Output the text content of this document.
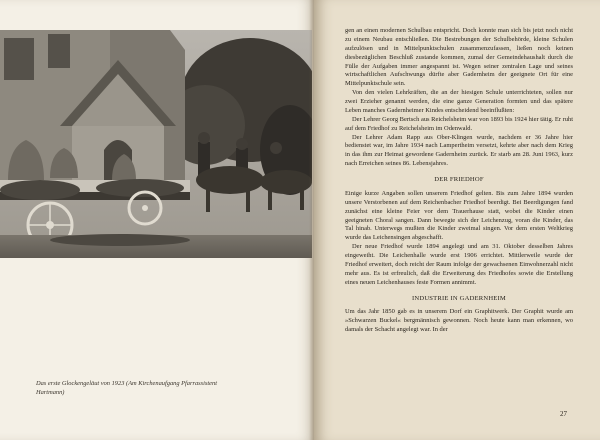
Das erste Glockengeläut von 1923 (Am Kirchenaufgang Pfarrassistent
Hartmann)

gen an einen modernen Schulbau entspricht. Doch konnte man sich bis jetzt noch nicht zu einem Neubau entschließen. Die Bestrebungen der Schulbehörde, kleine Schulen aufzulösen und in Mittelpunktschulen zusammenzufassen, ließen noch keinen diesbezüglichen Beschluß zustande kommen, zumal der Gemeindehaushalt durch die Fülle der Aufgaben immer angespannt ist. Wegen seiner zentralen Lage und seines wirtschaftlichen Aufschwungs dürfte aber Gadernheim der geeignete Ort für eine Mittelpunktschule sein.

Von den vielen Lehrkräften, die an der hiesigen Schule unterrichteten, sollen nur zwei Erzieher genannt werden, die eine ganze Generation formten und das spätere Leben manches Gadernheimer Kindes entscheidend beeinflußten:

Der Lehrer Georg Bertsch aus Reichelsheim war von 1893 bis 1924 hier tätig. Er ruht auf dem Friedhof zu Reichelsheim im Odenwald.

Der Lehrer Adam Rapp aus Ober-Klingen wurde, nachdem er 36 Jahre hier bedienstet war, im Jahre 1934 nach Lampertheim versetzt, kehrte aber nach dem Krieg in das ihm zur Heimat gewordene Gadernheim zurück. Er starb am 28. Juni 1963, kurz nach Erreichen seines 86. Lebensjahres.

DER FRIEDHOF

Einige kurze Angaben sollen unserem Friedhof gelten. Bis zum Jahre 1894 wurden unsere Verstorbenen auf dem Reichenbacher Friedhof beerdigt. Bei Beerdigungen fand zunächst eine kleine Feier vor dem Trauerhause statt, wobei die Kinder einen geeigneten Choral sangen. Dann bewegte sich der Leichenzug, voran die Kinder, das Tal hinab. Unterwegs mußten die Kinder zweimal singen. Vor dem ersten Weltkrieg wurde das Leichensingen abgeschafft.

Der neue Friedhof wurde 1894 angelegt und am 31. Oktober desselben Jahres eingeweiht. Die Leichenhalle wurde erst 1906 errichtet. Mittlerweile wurde der Friedhof erweitert, doch reicht der Raum infolge der gewachsenen Einwohnerzahl nicht mehr aus. Es ist erfreulich, daß die Erweiterung des Friedhofes sowie die Erstellung eines neuen Leichenhauses feste Formen annimmt.

INDUSTRIE IN GADERNHEIM

Um das Jahr 1850 gab es in unserem Dorf ein Graphitwerk. Der Graphit wurde am »Schwarzen Buckel« bergmännisch gewonnen. Noch heute kann man erkennen, wo damals der Schacht angelegt war. In der

27
